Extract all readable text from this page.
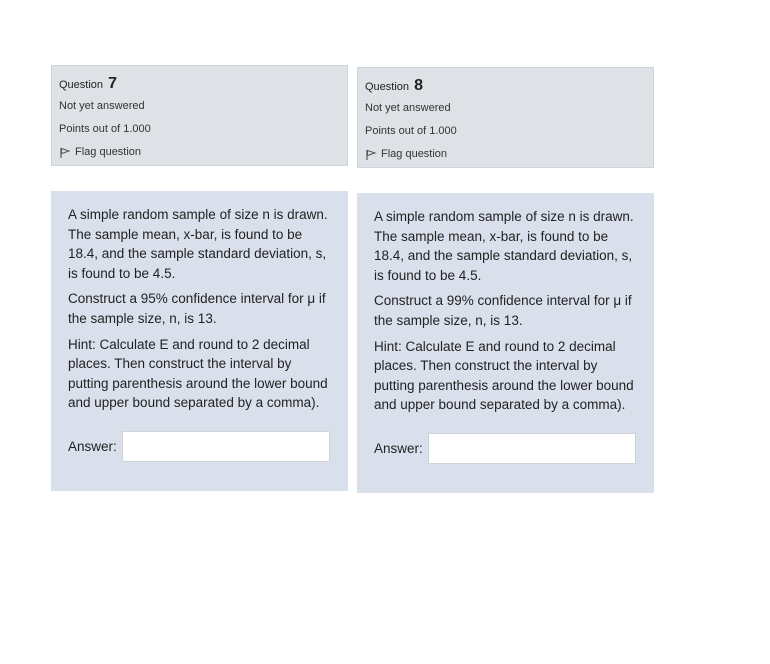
Question 7
Not yet answered
Points out of 1.000
Flag question
Question 8
Not yet answered
Points out of 1.000
Flag question

A simple random sample of size n is drawn. The sample mean, x-bar, is found to be 18.4, and the sample standard deviation, s, is found to be 4.5.

Construct a 95% confidence interval for μ if the sample size, n, is 13.

Hint: Calculate E and round to 2 decimal places. Then construct the interval by putting parenthesis around the lower bound and upper bound separated by a comma).

Answer:

A simple random sample of size n is drawn. The sample mean, x-bar, is found to be 18.4, and the sample standard deviation, s, is found to be 4.5.

Construct a 99% confidence interval for μ if the sample size, n, is 13.

Hint: Calculate E and round to 2 decimal places. Then construct the interval by putting parenthesis around the lower bound and upper bound separated by a comma).

Answer:
